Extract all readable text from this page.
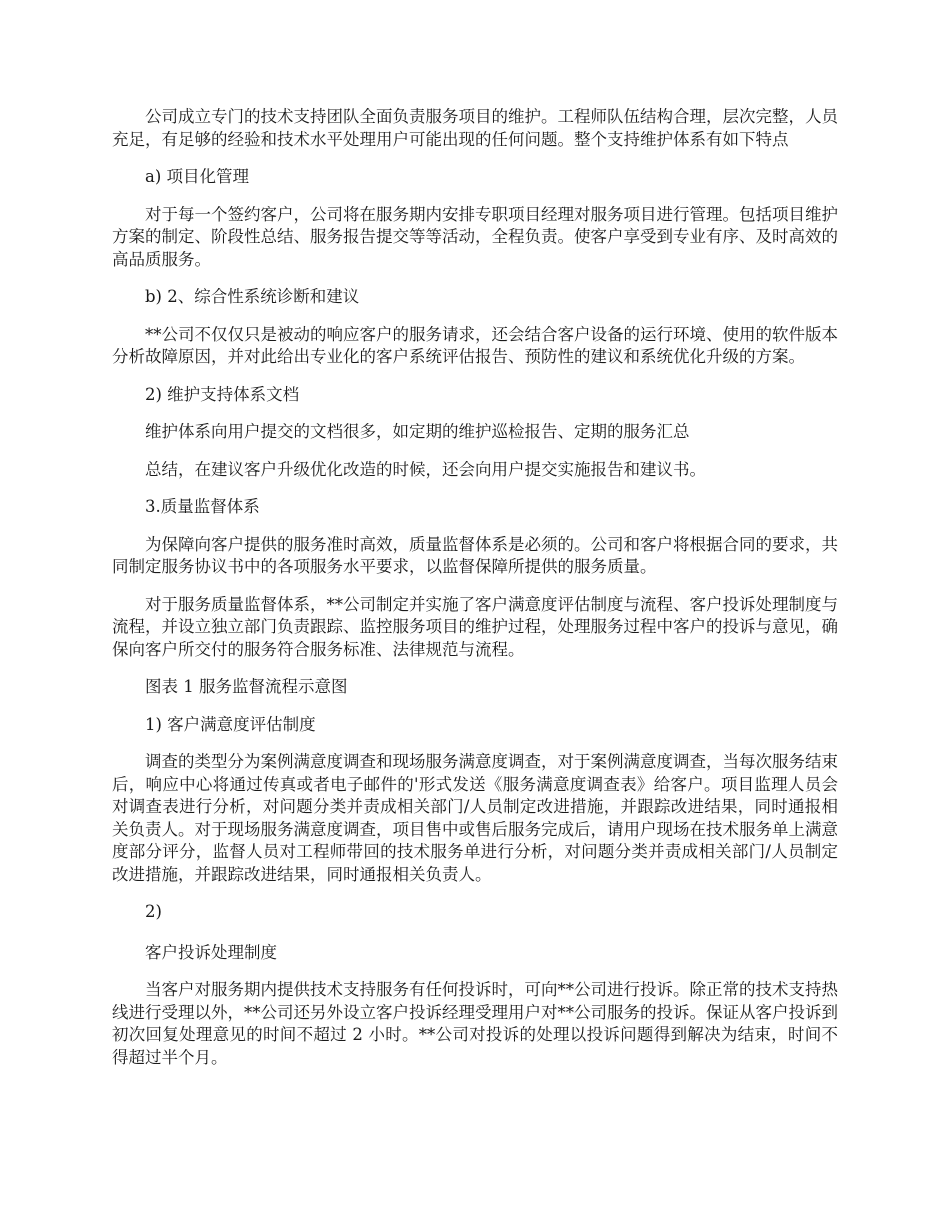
公司成立专门的技术支持团队全面负责服务项目的维护。工程师队伍结构合理，层次完整，人员充足，有足够的经验和技术水平处理用户可能出现的任何问题。整个支持维护体系有如下特点

a) 项目化管理

对于每一个签约客户，公司将在服务期内安排专职项目经理对服务项目进行管理。包括项目维护方案的制定、阶段性总结、服务报告提交等等活动，全程负责。使客户享受到专业有序、及时高效的高品质服务。

b) 2、综合性系统诊断和建议

**公司不仅仅只是被动的响应客户的服务请求，还会结合客户设备的运行环境、使用的软件版本分析故障原因，并对此给出专业化的客户系统评估报告、预防性的建议和系统优化升级的方案。

2) 维护支持体系文档

维护体系向用户提交的文档很多，如定期的维护巡检报告、定期的服务汇总

总结，在建议客户升级优化改造的时候，还会向用户提交实施报告和建议书。

3.质量监督体系

为保障向客户提供的服务准时高效，质量监督体系是必须的。公司和客户将根据合同的要求，共同制定服务协议书中的各项服务水平要求，以监督保障所提供的服务质量。

对于服务质量监督体系，**公司制定并实施了客户满意度评估制度与流程、客户投诉处理制度与流程，并设立独立部门负责跟踪、监控服务项目的维护过程，处理服务过程中客户的投诉与意见，确保向客户所交付的服务符合服务标准、法律规范与流程。

图表 1 服务监督流程示意图

1) 客户满意度评估制度

调查的类型分为案例满意度调查和现场服务满意度调查，对于案例满意度调查，当每次服务结束后，响应中心将通过传真或者电子邮件的'形式发送《服务满意度调查表》给客户。项目监理人员会对调查表进行分析，对问题分类并责成相关部门/人员制定改进措施，并跟踪改进结果，同时通报相关负责人。对于现场服务满意度调查，项目售中或售后服务完成后，请用户现场在技术服务单上满意度部分评分，监督人员对工程师带回的技术服务单进行分析，对问题分类并责成相关部门/人员制定改进措施，并跟踪改进结果，同时通报相关负责人。

2)

客户投诉处理制度

当客户对服务期内提供技术支持服务有任何投诉时，可向**公司进行投诉。除正常的技术支持热线进行受理以外，**公司还另外设立客户投诉经理受理用户对**公司服务的投诉。保证从客户投诉到初次回复处理意见的时间不超过 2 小时。**公司对投诉的处理以投诉问题得到解决为结束，时间不得超过半个月。
